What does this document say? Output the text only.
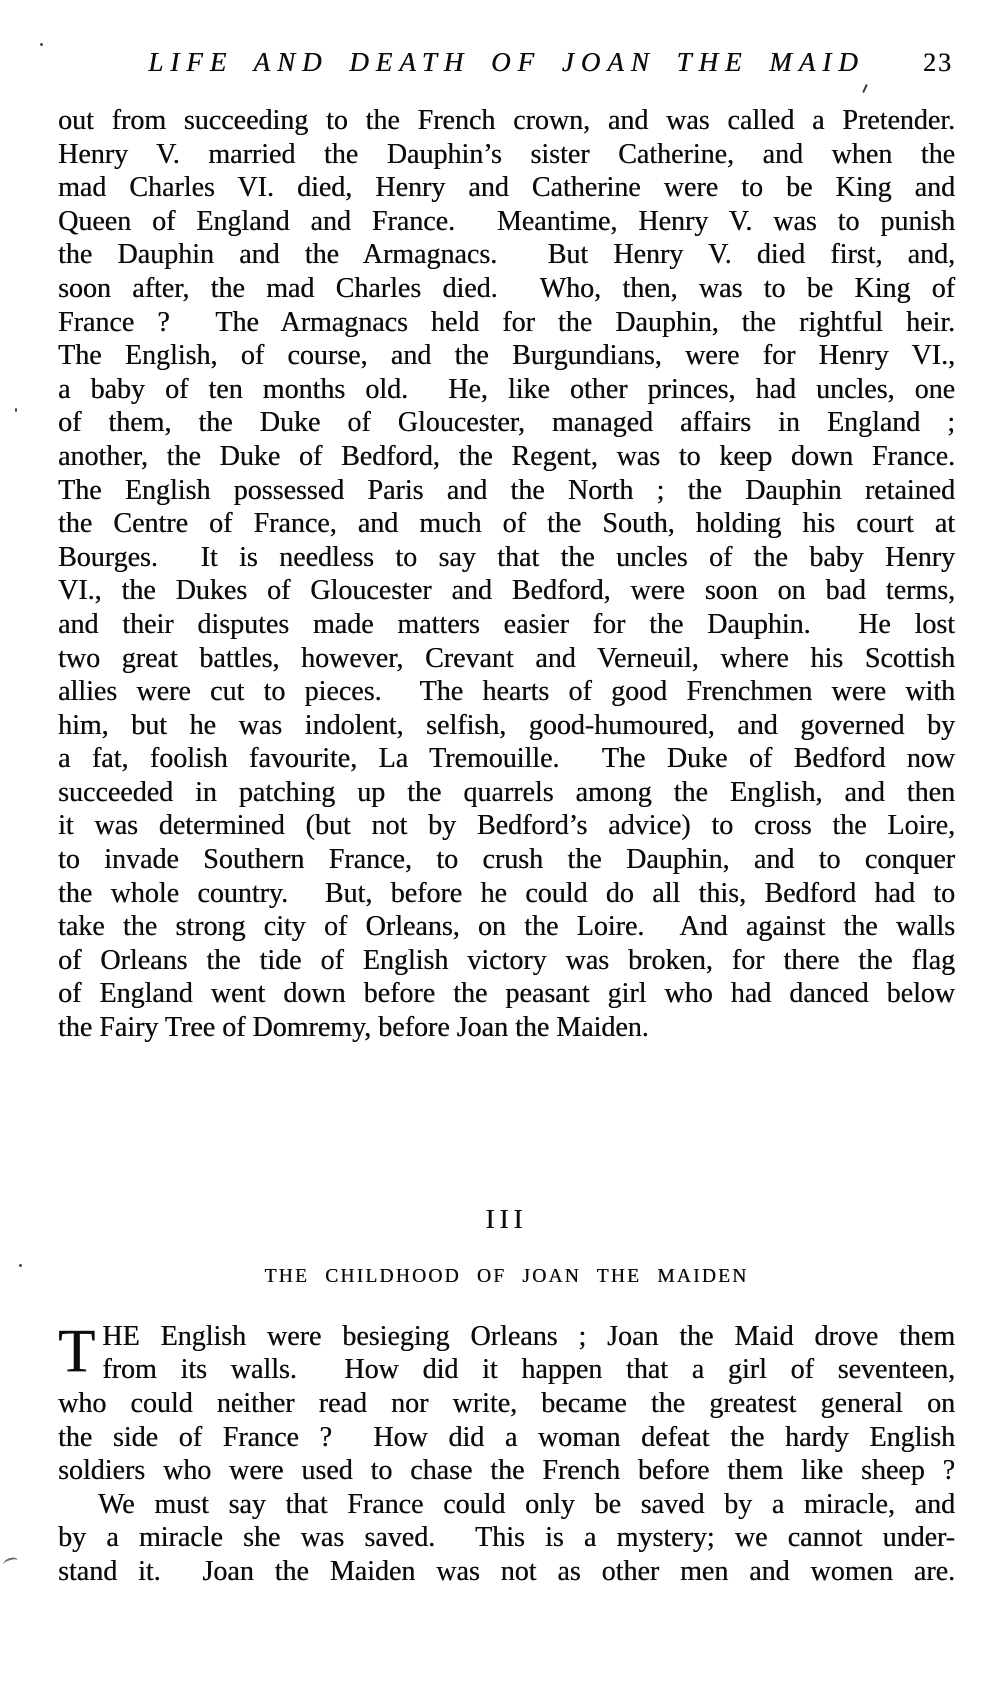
LIFE AND DEATH OF JOAN THE MAID	23
out from succeeding to the French crown, and was called a Pretender.
Henry V. married the Dauphin’s sister Catherine, and when the
mad Charles VI. died, Henry and Catherine were to be King and
Queen of England and France.  Meantime, Henry V. was to punish
the Dauphin and the Armagnacs.  But Henry V. died first, and,
soon after, the mad Charles died.  Who, then, was to be King of
France ?  The Armagnacs held for the Dauphin, the rightful heir.
The English, of course, and the Burgundians, were for Henry VI.,
a baby of ten months old.  He, like other princes, had uncles, one
of them, the Duke of Gloucester, managed affairs in England ;
another, the Duke of Bedford, the Regent, was to keep down France.
The English possessed Paris and the North ; the Dauphin retained
the Centre of France, and much of the South, holding his court at
Bourges.  It is needless to say that the uncles of the baby Henry
VI., the Dukes of Gloucester and Bedford, were soon on bad terms,
and their disputes made matters easier for the Dauphin.  He lost
two great battles, however, Crevant and Verneuil, where his Scottish
allies were cut to pieces.  The hearts of good Frenchmen were with
him, but he was indolent, selfish, good-humoured, and governed by
a fat, foolish favourite, La Tremouille.  The Duke of Bedford now
succeeded in patching up the quarrels among the English, and then
it was determined (but not by Bedford’s advice) to cross the Loire,
to invade Southern France, to crush the Dauphin, and to conquer
the whole country.  But, before he could do all this, Bedford had to
take the strong city of Orleans, on the Loire.  And against the walls
of Orleans the tide of English victory was broken, for there the flag
of England went down before the peasant girl who had danced below
the Fairy Tree of Domremy, before Joan the Maiden.
III
THE CHILDHOOD OF JOAN THE MAIDEN
T HE English were besieging Orleans ; Joan the Maid drove them
from its walls.  How did it happen that a girl of seventeen,
who could neither read nor write, became the greatest general on
the side of France ?  How did a woman defeat the hardy English
soldiers who were used to chase the French before them like sheep ?
We must say that France could only be saved by a miracle, and
by a miracle she was saved.  This is a mystery; we cannot under-
stand it.  Joan the Maiden was not as other men and women are.
